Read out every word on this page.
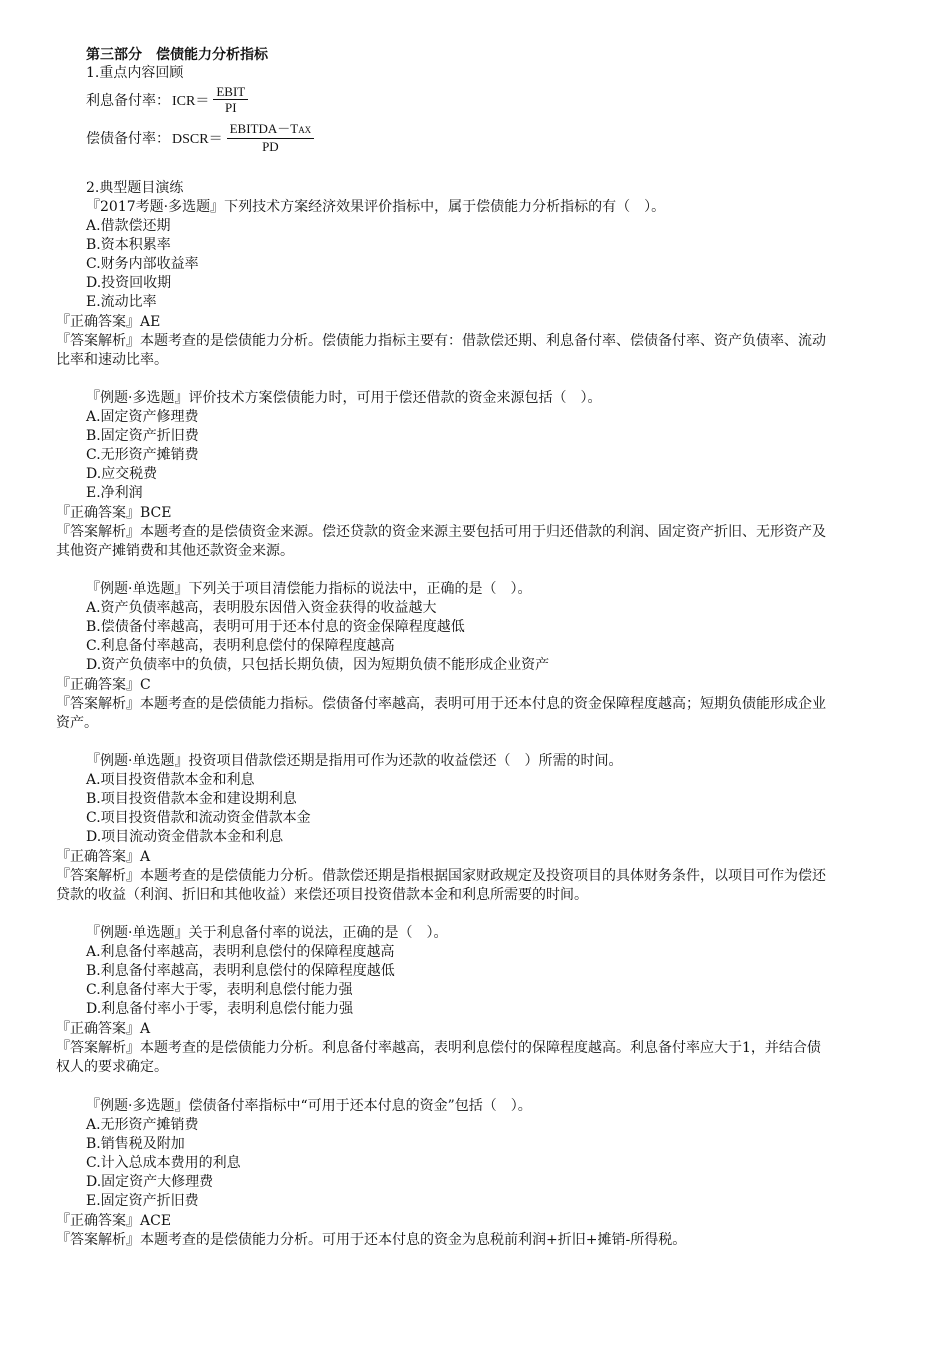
第三部分　偿债能力分析指标
1.重点内容回顾
利息备付率： $ICR= \frac{\text{EBIT}}{PI}$
偿债备付率： DSCR＝ $\frac{\text{EBITDA－TAX}}{PD}$
2.典型题目演练
『2017考题·多选题』下列技术方案经济效果评价指标中，属于偿债能力分析指标的有（　）。
A.借款偿还期
B.资本积累率
C.财务内部收益率
D.投资回收期
E.流动比率
『正确答案』AE
『答案解析』本题考查的是偿债能力分析。偿债能力指标主要有：借款偿还期、利息备付率、偿债备付率、资产负债率、流动
比率和速动比率。
『例题·多选题』评价技术方案偿债能力时，可用于偿还借款的资金来源包括（　）。
A.固定资产修理费
B.固定资产折旧费
C.无形资产摊销费
D.应交税费
E.净利润
『正确答案』BCE
『答案解析』本题考查的是偿债资金来源。偿还贷款的资金来源主要包括可用于归还借款的利润、固定资产折旧、无形资产及
其他资产摊销费和其他还款资金来源。
『例题·单选题』下列关于项目清偿能力指标的说法中，正确的是（　）。
A.资产负债率越高，表明股东因借入资金获得的收益越大
B.偿债备付率越高，表明可用于还本付息的资金保障程度越低
C.利息备付率越高，表明利息偿付的保障程度越高
D.资产负债率中的负债，只包括长期负债，因为短期负债不能形成企业资产
『正确答案』C
『答案解析』本题考查的是偿债能力指标。偿债备付率越高，表明可用于还本付息的资金保障程度越高；短期负债能形成企业
资产。
『例题·单选题』投资项目借款偿还期是指用可作为还款的收益偿还（　）所需的时间。
A.项目投资借款本金和利息
B.项目投资借款本金和建设期利息
C.项目投资借款和流动资金借款本金
D.项目流动资金借款本金和利息
『正确答案』A
『答案解析』本题考查的是偿债能力分析。借款偿还期是指根据国家财政规定及投资项目的具体财务条件，以项目可作为偿还
贷款的收益（利润、折旧和其他收益）来偿还项目投资借款本金和利息所需要的时间。
『例题·单选题』关于利息备付率的说法，正确的是（　）。
A.利息备付率越高，表明利息偿付的保障程度越高
B.利息备付率越高，表明利息偿付的保障程度越低
C.利息备付率大于零，表明利息偿付能力强
D.利息备付率小于零，表明利息偿付能力强
『正确答案』A
『答案解析』本题考查的是偿债能力分析。利息备付率越高，表明利息偿付的保障程度越高。利息备付率应大于1，并结合债
权人的要求确定。
『例题·多选题』偿债备付率指标中“可用于还本付息的资金”包括（　）。
A.无形资产摊销费
B.销售税及附加
C.计入总成本费用的利息
D.固定资产大修理费
E.固定资产折旧费
『正确答案』ACE
『答案解析』本题考查的是偿债能力分析。可用于还本付息的资金为息税前利润+折旧+摊销-所得税。
